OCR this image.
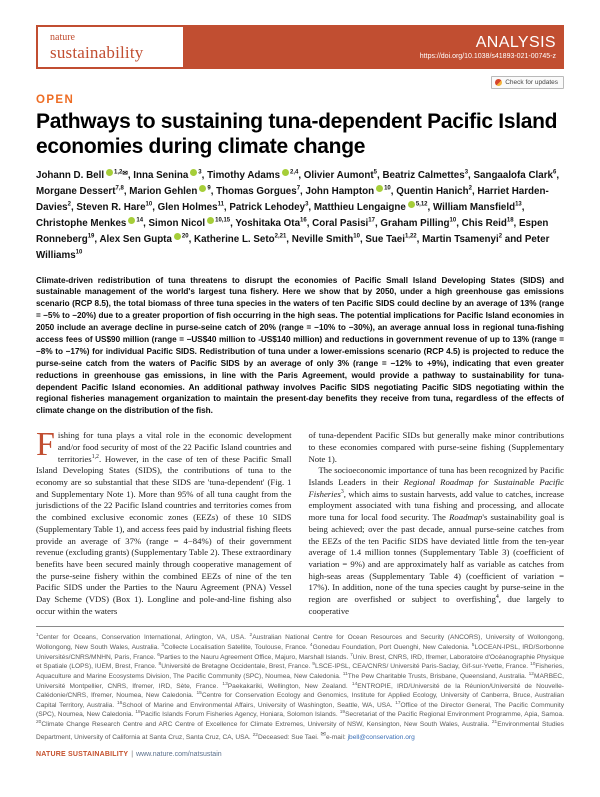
nature
sustainability
ANALYSIS
https://doi.org/10.1038/s41893-021-00745-z
Check for updates
OPEN
Pathways to sustaining tuna-dependent Pacific Island economies during climate change

Johann D. Bell $^{1,2✉}$, Inna Senina $^3$, Timothy Adams $^{2,4}$, Olivier Aumont$^5$, Beatriz Calmettes$^3$, Sangaalofa Clark$^6$, Morgane Dessert$^{7,8}$, Marion Gehlen $^9$, Thomas Gorgues$^7$, John Hampton $^{10}$, Quentin Hanich$^2$, Harriet Harden-Davies$^2$, Steven R. Hare$^{10}$, Glen Holmes$^{11}$, Patrick Lehodey$^3$, Matthieu Lengaigne $^{5,12}$, William Mansfield$^{13}$, Christophe Menkes $^{14}$, Simon Nicol $^{10,15}$, Yoshitaka Ota$^{16}$, Coral Pasisi$^{17}$, Graham Pilling$^{10}$, Chis Reid$^{18}$, Espen Ronneberg$^{19}$, Alex Sen Gupta $^{20}$, Katherine L. Seto$^{2,21}$, Neville Smith$^{10}$, Sue Taei$^{1,22}$, Martin Tsamenyi$^2$ and Peter Williams$^{10}$

Climate-driven redistribution of tuna threatens to disrupt the economies of Pacific Small Island Developing States (SIDS) and sustainable management of the world's largest tuna fishery. Here we show that by 2050, under a high greenhouse gas emissions scenario (RCP 8.5), the total biomass of three tuna species in the waters of ten Pacific SIDS could decline by an average of 13% (range = −5% to −20%) due to a greater proportion of fish occurring in the high seas. The potential implications for Pacific Island economies in 2050 include an average decline in purse-seine catch of 20% (range = −10% to −30%), an average annual loss in regional tuna-fishing access fees of US$90 million (range = −US$40 million to -US$140 million) and reductions in government revenue of up to 13% (range = −8% to −17%) for individual Pacific SIDS. Redistribution of tuna under a lower-emissions scenario (RCP 4.5) is projected to reduce the purse-seine catch from the waters of Pacific SIDS by an average of only 3% (range = −12% to +9%), indicating that even greater reductions in greenhouse gas emissions, in line with the Paris Agreement, would provide a pathway to sustainability for tuna-dependent Pacific Island economies. An additional pathway involves Pacific SIDS negotiating Pacific SIDS negotiating within the regional fisheries management organization to maintain the present-day benefits they receive from tuna, regardless of the effects of climate change on the distribution of the fish.

Fishing for tuna plays a vital role in the economic development and/or food security of most of the 22 Pacific Island countries and territories$^{1,2}$. However, in the case of ten of these Pacific Small Island Developing States (SIDS), the contributions of tuna to the economy are so substantial that these SIDS are 'tuna-dependent' (Fig. 1 and Supplementary Note 1). More than 95% of all tuna caught from the jurisdictions of the 22 Pacific Island countries and territories comes from the combined exclusive economic zones (EEZs) of these 10 SIDS (Supplementary Table 1), and access fees paid by industrial fishing fleets provide an average of 37% (range = 4−84%) of their government revenue (excluding grants) (Supplementary Table 2). These extraordinary benefits have been secured mainly through cooperative management of the purse-seine fishery within the combined EEZs of nine of the ten Pacific SIDS under the Parties to the Nauru Agreement (PNA) Vessel Day Scheme (VDS) (Box 1). Longline and pole-and-line fishing also occur within the waters

of tuna-dependent Pacific SIDs but generally make minor contributions to these economies compared with purse-seine fishing (Supplementary Note 1).

The socioeconomic importance of tuna has been recognized by Pacific Islands Leaders in their Regional Roadmap for Sustainable Pacific Fisheries$^3$, which aims to sustain harvests, add value to catches, increase employment associated with tuna fishing and processing, and allocate more tuna for local food security. The Roadmap's sustainability goal is being achieved; over the past decade, annual purse-seine catches from the EEZs of the ten Pacific SIDS have deviated little from the ten-year average of 1.4 million tonnes (Supplementary Table 3) (coefficient of variation = 9%) and are approximately half as variable as catches from high-seas areas (Supplementary Table 4) (coefficient of variation = 17%). In addition, none of the tuna species caught by purse-seine in the region are overfished or subject to overfishing$^4$, due largely to cooperative

$^1$Center for Oceans, Conservation International, Arlington, VA, USA. $^2$Australian National Centre for Ocean Resources and Security (ANCORS), University of Wollongong, Wollongong, New South Wales, Australia. $^3$Collecte Localisation Satellite, Toulouse, France. $^4$Gonedau Foundation, Port Ouenghi, New Caledonia. $^5$LOCEAN-IPSL, IRD/Sorbonne Universités/CNRS/MNHN, Paris, France. $^6$Parties to the Nauru Agreement Office, Majuro, Marshall Islands. $^7$Univ. Brest, CNRS, IRD, Ifremer, Laboratoire d'Océanographie Physique et Spatiale (LOPS), IUEM, Brest, France. $^8$Université de Bretagne Occidentale, Brest, France. $^9$LSCE-IPSL, CEA/CNRS/ Université Paris-Saclay, Gif-sur-Yvette, France. $^{10}$Fisheries, Aquaculture and Marine Ecosystems Division, The Pacific Community (SPC), Noumea, New Caledonia. $^{11}$The Pew Charitable Trusts, Brisbane, Queensland, Australia. $^{12}$MARBEC, Université Montpellier, CNRS, Ifremer, IRD, Sète, France. $^{13}$Paekakariki, Wellington, New Zealand. $^{14}$ENTROPIE, IRD/Université de la Réunion/Université de Nouvelle-Calédonie/CNRS, Ifremer, Noumea, New Caledonia. $^{15}$Centre for Conservation Ecology and Genomics, Institute for Applied Ecology, University of Canberra, Bruce, Australian Capital Territory, Australia. $^{16}$School of Marine and Environmental Affairs, University of Washington, Seattle, WA, USA. $^{17}$Office of the Director General, The Pacific Community (SPC), Noumea, New Caledonia. $^{18}$Pacific Islands Forum Fisheries Agency, Honiara, Solomon Islands. $^{19}$Secretariat of the Pacific Regional Environment Programme, Apia, Samoa. $^{20}$Climate Change Research Centre and ARC Centre of Excellence for Climate Extremes, University of NSW, Kensington, New South Wales, Australia. $^{21}$Environmental Studies Department, University of California at Santa Cruz, Santa Cruz, CA, USA. $^{22}$Deceased: Sue Taei. ✉e-mail: jbell@conservation.org

NATURE SUSTAINABILITY | www.nature.com/natsustain
